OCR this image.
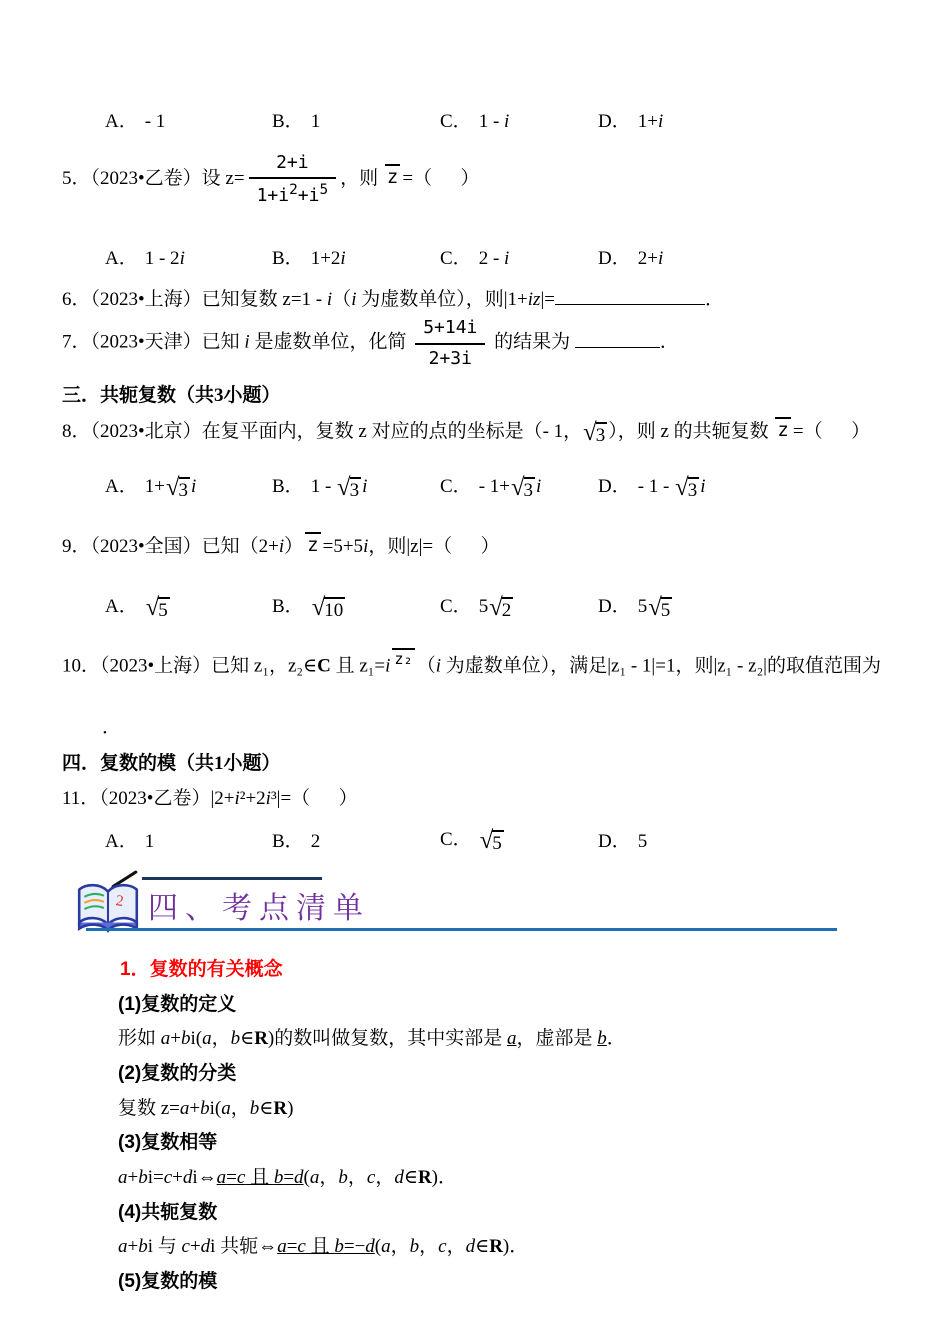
A． - 1	B． 1	C． 1 - i	D． 1+i
5．（2023•乙卷）设 $z= \frac{2+i}{1+i^2+i^5}$ ，则 z =（      ）
A． 1 - 2i	B． 1+2i	C． 2 - i	D． 2+i
6．（2023•上海）已知复数 z=1 - i（i 为虚数单位），则|1+iz|=	．
7．（2023•天津）已知 i 是虚数单位，化简 $\frac{5+14i}{2+3i}$ 的结果为	．
三．共轭复数（共3小题）
8．（2023•北京）在复平面内，复数 z 对应的点的坐标是（- 1， √ 3 ），则 z 的共轭复数 z =（      ）
A． 1+ √ 3 i	B． 1 - √ 3 i	C． - 1+ √ 3 i	D． - 1 - √ 3 i
9．（2023•全国）已知（2+i） z =5+5i，则|z|=（      ）
A． √ 5	B． √ 10	C． 5 √ 2	D． 5 √ 5
10．（2023•上海）已知 z₁，z₂∈C 且 z₁=i z₂ （i 为虚数单位），满足|z₁ - 1|=1，则|z₁ - z₂|的取值范围为
．
四．复数的模（共1小题）
11．（2023•乙卷）|2+i²+2i³|=（      ）
A． 1	B． 2	C． √ 5	D． 5
2 四、考点清单
1．复数的有关概念
(1)复数的定义
形如 a+bi(a，b∈R)的数叫做复数，其中实部是 a，虚部是 b．
(2)复数的分类
复数 z=a+bi(a，b∈R)
(3)复数相等
a+bi=c+di⇔a=c 且 b=d(a，b，c，d∈R)．
(4)共轭复数
a+bi 与 c+di 共轭⇔a=c 且 b=−d(a，b，c，d∈R)．
(5)复数的模
